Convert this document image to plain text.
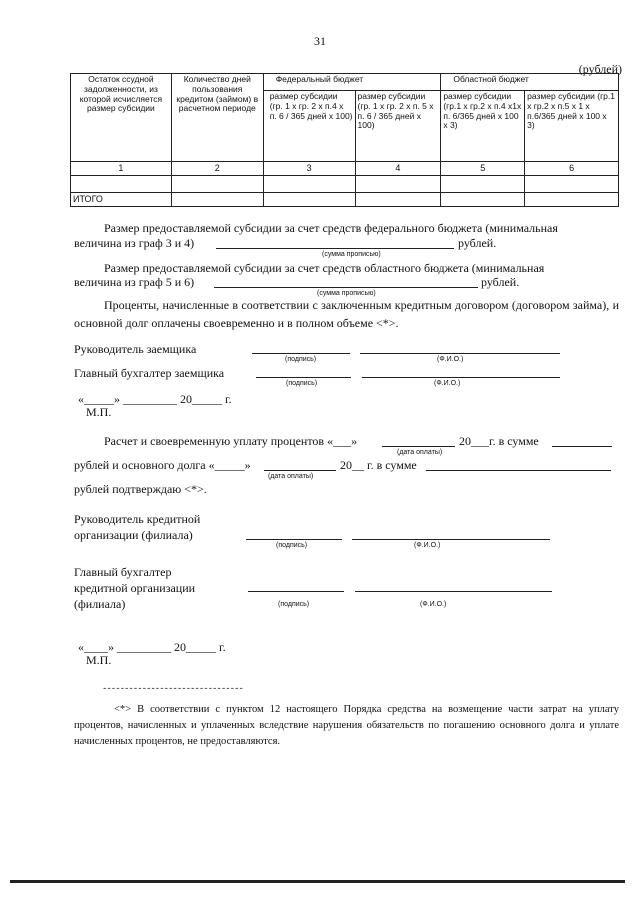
31
(рублей)
Остаток ссудной задолженности, из которой исчисляется размер субсидии	Количество дней пользования кредитом (займом) в расчетном периоде	Федеральный бюджет		Областной бюджет	
		размер субсидии (гр. 1 x гр. 2 x п.4 x п. 6 / 365 дней x 100)	размер субсидии (гр. 1 x гр. 2 x п. 5 x п. 6 / 365 дней x 100)	размер субсидии (гр.1 x гр.2 x п.4 x1x п. 6/365 дней x 100 x 3)	размер субсидии (гр.1 x гр.2 x п.5 x 1 x п.6/365 дней x 100 x 3)
1	2	3	4	5	6

ИТОГО					
Размер предоставляемой субсидии за счет средств федерального бюджета (минимальная
величина из граф 3 и 4)	рублей.
(сумма прописью)
Размер предоставляемой субсидии за счет средств областного бюджета (минимальная
величина из граф 5 и 6)	рублей.
(сумма прописью)
Проценты, начисленные в соответствии с заключенным кредитным договором (договором займа), и основной долг оплачены своевременно и в полном объеме <*>.
Руководитель заемщика
(подпись)	(Ф.И.О.)
Главный бухгалтер заемщика
(подпись)	(Ф.И.О.)
«_____» _________ 20_____ г.
М.П.
Расчет и своевременную уплату процентов «___»	20___г. в сумме
(дата оплаты)
рублей и основного долга «_____»	20__ г. в сумме
(дата оплаты)
рублей подтверждаю <*>.
Руководитель кредитной
организации (филиала)
(подпись)	(Ф.И.О.)
Главный бухгалтер
кредитной организации
(филиала)	(подпись)	(Ф.И.О.)
«____» _________ 20_____ г.
М.П.
--------------------------------
<*> В соответствии с пунктом 12 настоящего Порядка средства на возмещение части затрат на уплату процентов, начисленных и уплаченных вследствие нарушения обязательств по погашению основного долга и уплате начисленных процентов, не предоставляются.
